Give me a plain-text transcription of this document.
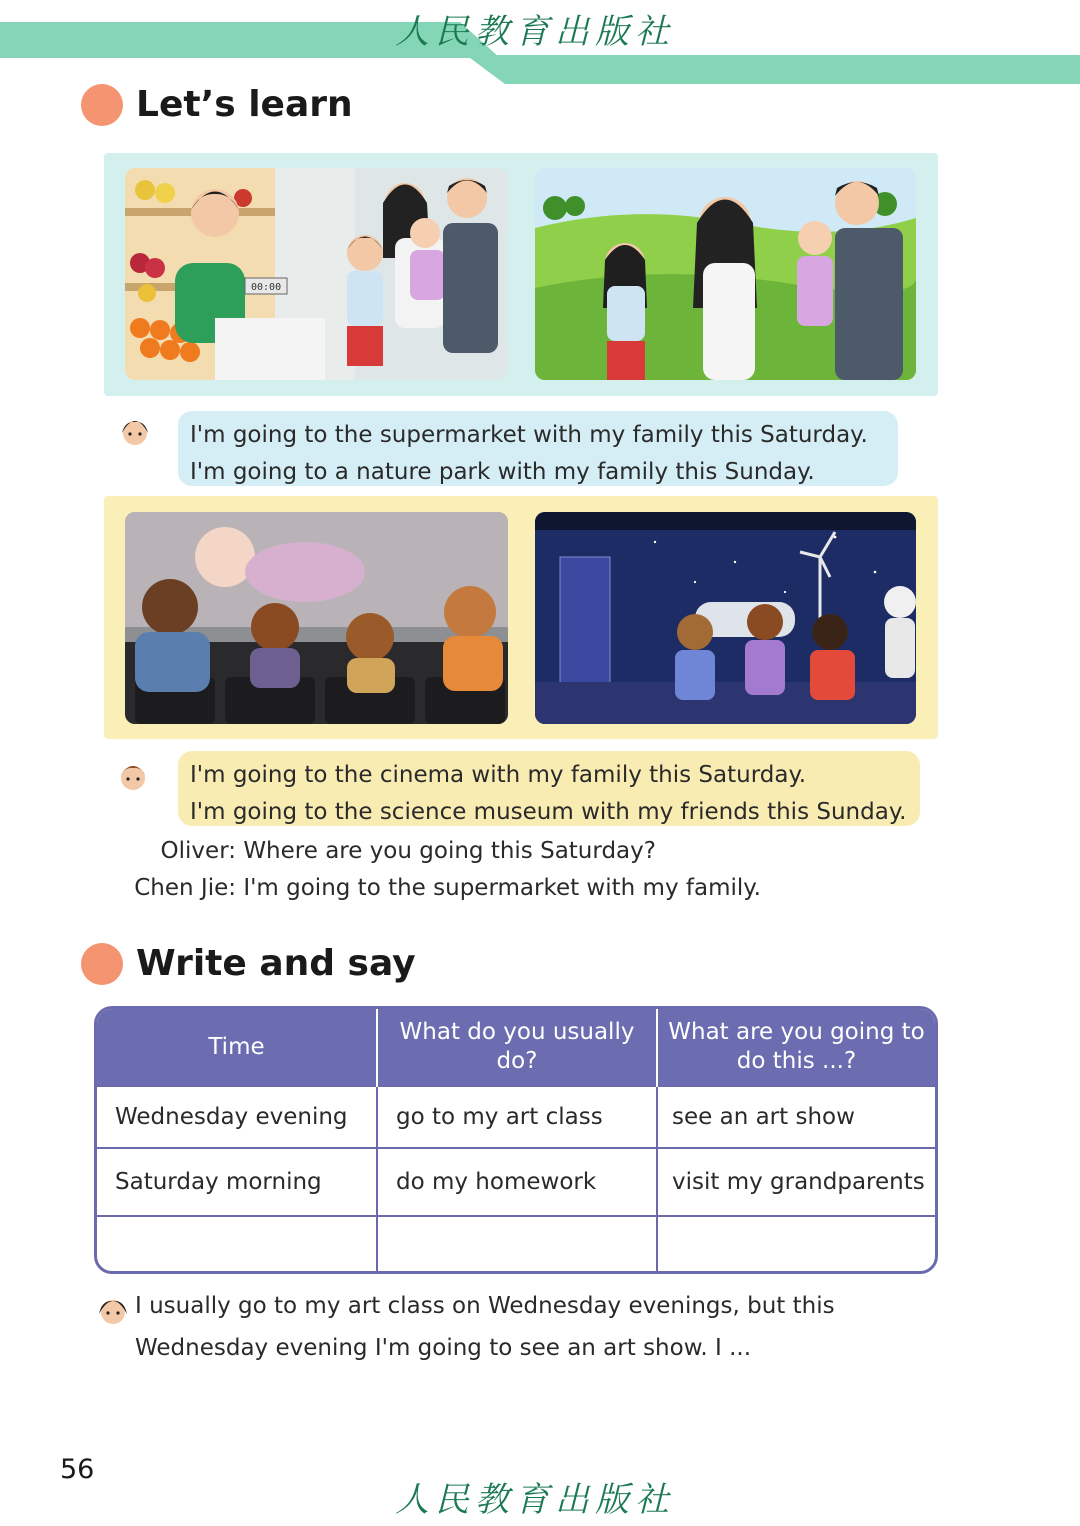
人民教育出版社
Let’s learn
00:00
I'm going to the supermarket with my family this Saturday.
I'm going to a nature park with my family this Sunday.
I'm going to the cinema with my family this Saturday.
I'm going to the science museum with my friends this Sunday.
Oliver: Where are you going this Saturday?
Chen Jie: I'm going to the supermarket with my family.
Write and say
Time	What do you usually do?	What are you going to do this ...?
Wednesday evening	go to my art class	see an art show
Saturday morning	do my homework	visit my grandparents

I usually go to my art class on Wednesday evenings, but this
Wednesday evening I'm going to see an art show. I ...
56
人民教育出版社
